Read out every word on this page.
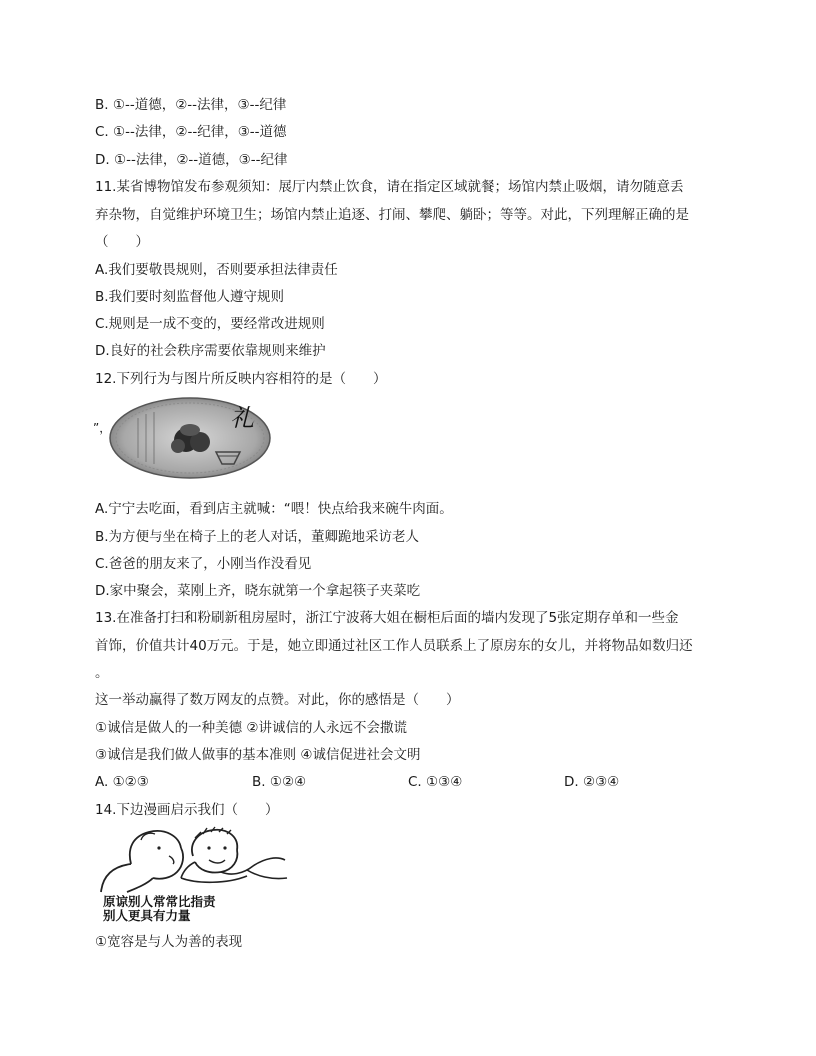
B. ①--道德，②--法律，③--纪律
C. ①--法律，②--纪律，③--道德
D. ①--法律，②--道德，③--纪律
11.某省博物馆发布参观须知：展厅内禁止饮食，请在指定区域就餐；场馆内禁止吸烟，请勿随意丢
弃杂物，自觉维护环境卫生；场馆内禁止追逐、打闹、攀爬、躺卧；等等。对此，下列理解正确的是
（　　）
A.我们要敬畏规则，否则要承担法律责任
B.我们要时刻监督他人遵守规则
C.规则是一成不变的，要经常改进规则
D.良好的社会秩序需要依靠规则来维护
12.下列行为与图片所反映内容相符的是（　　）
”，	礼
A.宁宁去吃面，看到店主就喊：“喂！快点给我来碗牛肉面。
B.为方便与坐在椅子上的老人对话，董卿跪地采访老人
C.爸爸的朋友来了，小刚当作没看见
D.家中聚会，菜刚上齐，晓东就第一个拿起筷子夹菜吃
13.在准备打扫和粉刷新租房屋时，浙江宁波蒋大姐在橱柜后面的墙内发现了5张定期存单和一些金
首饰，价值共计40万元。于是，她立即通过社区工作人员联系上了原房东的女儿，并将物品如数归还
。
这一举动赢得了数万网友的点赞。对此，你的感悟是（　　）
①诚信是做人的一种美德 ②讲诚信的人永远不会撒谎
③诚信是我们做人做事的基本准则 ④诚信促进社会文明
A. ①②③	B. ①②④	C. ①③④	D. ②③④
14.下边漫画启示我们（　　）
原谅别人常常比指责
别人更具有力量
①宽容是与人为善的表现
